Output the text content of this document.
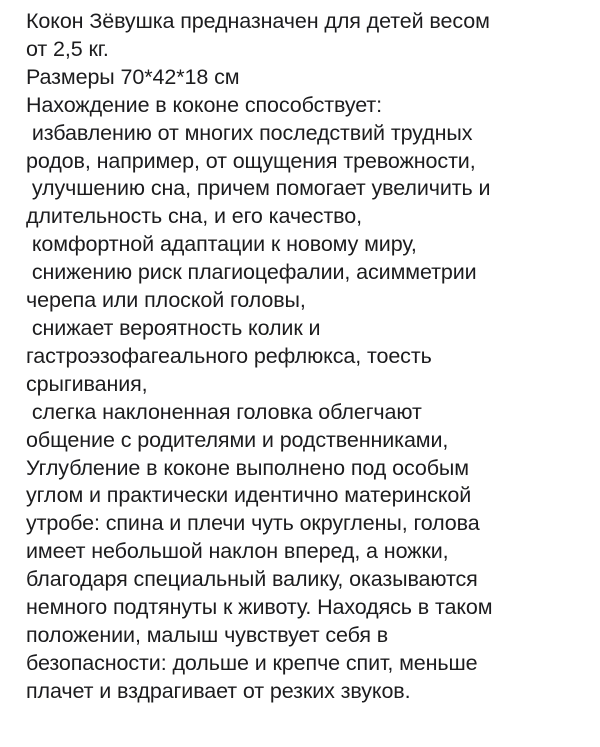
Кокон Зёвушка предназначен для детей весом
от 2,5 кг.
Размеры 70*42*18 см
Нахождение в коконе способствует:
избавлению от многих последствий трудных
родов, например, от ощущения тревожности,
улучшению сна, причем помогает увеличить и
длительность сна, и его качество,
комфортной адаптации к новому миру,
снижению риск плагиоцефалии, асимметрии
черепа или плоской головы,
снижает вероятность колик и
гастроэзофагеального рефлюкса, тоесть
срыгивания,
слегка наклоненная головка облегчают
общение с родителями и родственниками,
Углубление в коконе выполнено под особым
углом и практически идентично материнской
утробе: спина и плечи чуть округлены, голова
имеет небольшой наклон вперед, а ножки,
благодаря специальный валику, оказываются
немного подтянуты к животу. Находясь в таком
положении, малыш чувствует себя в
безопасности: дольше и крепче спит, меньше
плачет и вздрагивает от резких звуков.
